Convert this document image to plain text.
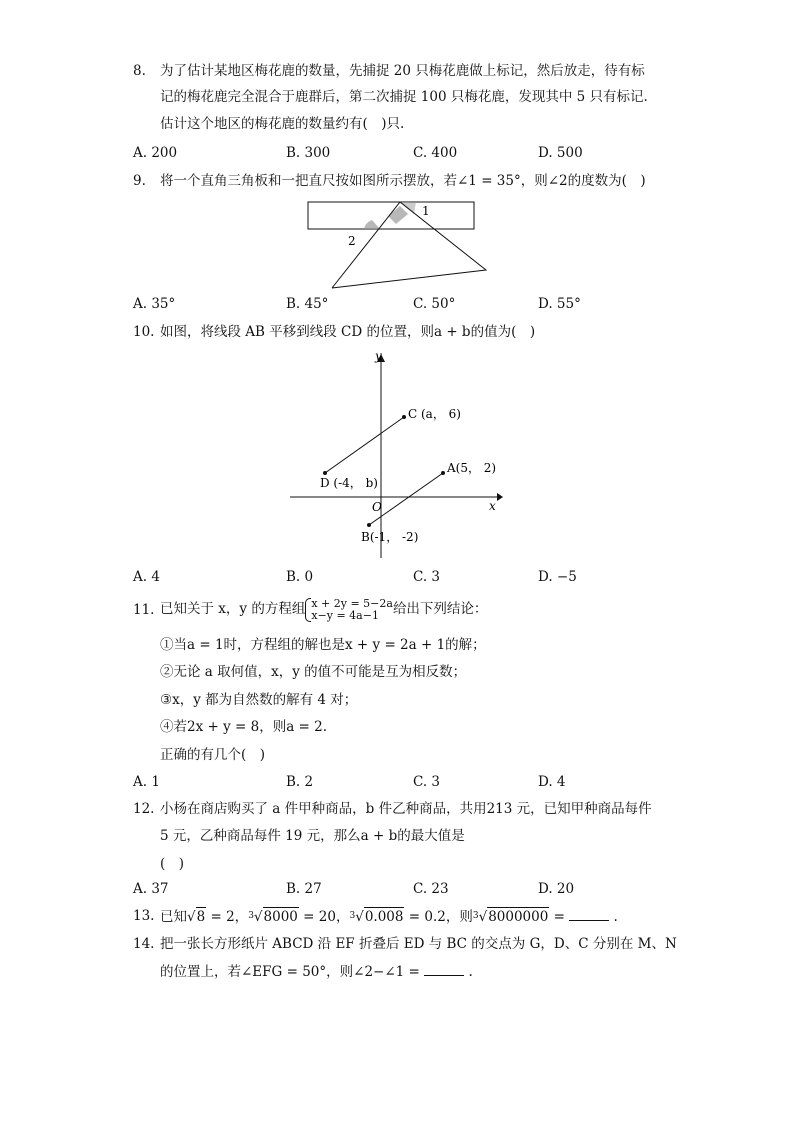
8. 为了估计某地区梅花鹿的数量，先捕捉 20 只梅花鹿做上标记，然后放走，待有标
记的梅花鹿完全混合于鹿群后，第二次捕捉 100 只梅花鹿，发现其中 5 只有标记.
估计这个地区的梅花鹿的数量约有(　)只.
A. 200	B. 300	C. 400	D. 500
9. 将一个直角三角板和一把直尺按如图所示摆放，若∠1 = 35°，则∠2的度数为(　)
1
2
A. 35°	B. 45°	C. 50°	D. 55°
10. 如图，将线段 AB 平移到线段 CD 的位置，则a + b的值为(　)
y
x
O
C (a， 6)
D (-4， b)
A(5， 2)
B(-1， -2)
A. 4	B. 0	C. 3	D. −5
11. 已知关于 x，y 的方程组 x + 2y = 5−2a
x−y = 4a−1	给出下列结论：
①当a = 1时，方程组的解也是x + y = 2a + 1的解；
②无论 a 取何值，x，y 的值不可能是互为相反数；
③x，y 都为自然数的解有 4 对；
④若2x + y = 8，则a = 2.
正确的有几个(　)
A. 1	B. 2	C. 3	D. 4
12. 小杨在商店购买了 a 件甲种商品，b 件乙种商品，共用213 元，已知甲种商品每件
5 元，乙种商品每件 19 元，那么a + b的最大值是
(　)
A. 37	B. 27	C. 23	D. 20
13. 已知√8 = 2，$^3$√8000 = 20，$^3$√0.008 = 0.2，则$^3$√8000000 =	.
14. 把一张长方形纸片 ABCD 沿 EF 折叠后 ED 与 BC 的交点为 G，D、C 分别在 M、N
的位置上，若∠EFG = 50°，则∠2−∠1 =	.
